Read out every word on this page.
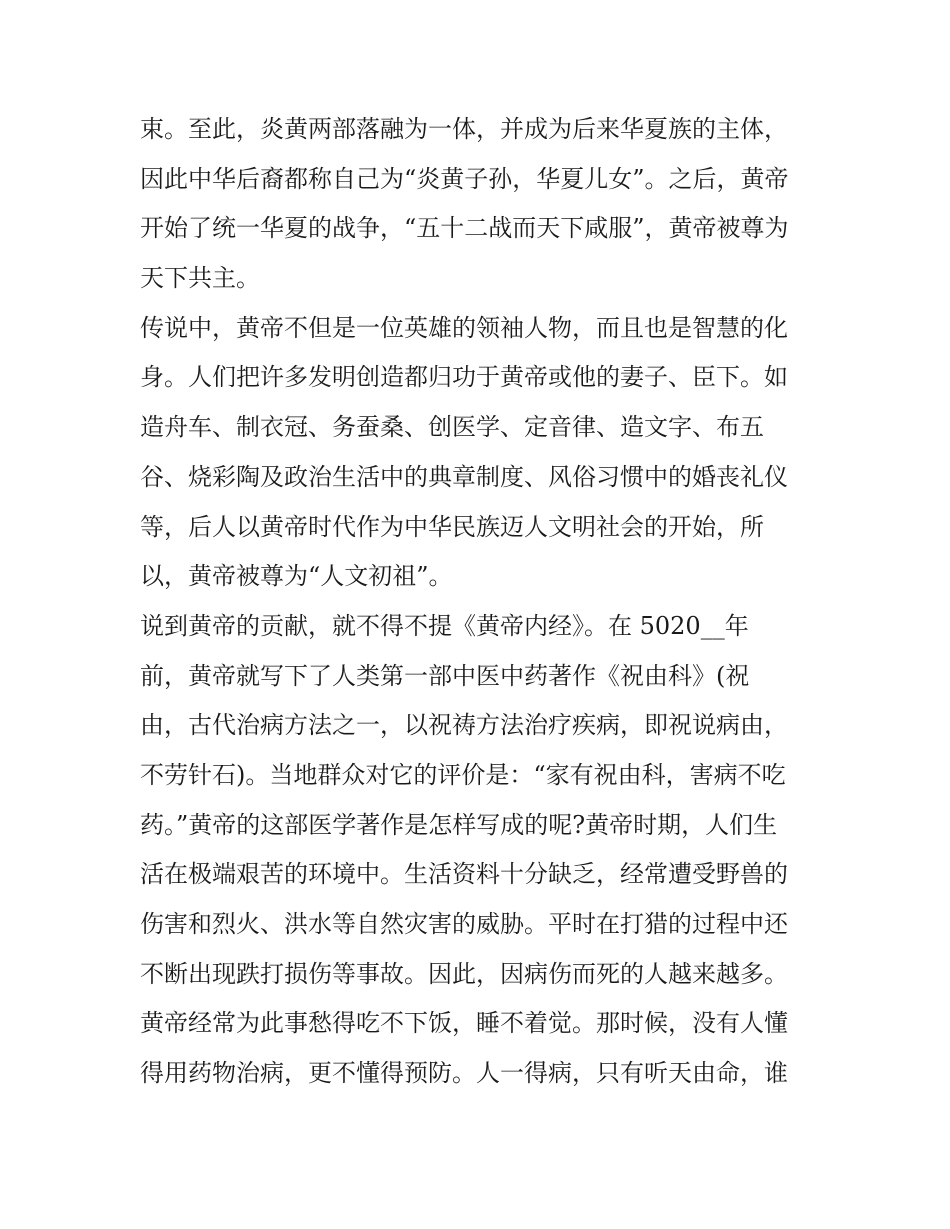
束。至此，炎黄两部落融为一体，并成为后来华夏族的主体，
因此中华后裔都称自己为“炎黄子孙，华夏儿女”。之后，黄帝
开始了统一华夏的战争，“五十二战而天下咸服”，黄帝被尊为
天下共主。
传说中，黄帝不但是一位英雄的领袖人物，而且也是智慧的化
身。人们把许多发明创造都归功于黄帝或他的妻子、臣下。如
造舟车、制衣冠、务蚕桑、创医学、定音律、造文字、布五
谷、烧彩陶及政治生活中的典章制度、风俗习惯中的婚丧礼仪
等，后人以黄帝时代作为中华民族迈人文明社会的开始，所
以，黄帝被尊为“人文初祖”。
说到黄帝的贡献，就不得不提《黄帝内经》。在 5020__年
前，黄帝就写下了人类第一部中医中药著作《祝由科》(祝
由，古代治病方法之一，以祝祷方法治疗疾病，即祝说病由，
不劳针石)。当地群众对它的评价是：“家有祝由科，害病不吃
药。”黄帝的这部医学著作是怎样写成的呢?黄帝时期，人们生
活在极端艰苦的环境中。生活资料十分缺乏，经常遭受野兽的
伤害和烈火、洪水等自然灾害的威胁。平时在打猎的过程中还
不断出现跌打损伤等事故。因此，因病伤而死的人越来越多。
黄帝经常为此事愁得吃不下饭，睡不着觉。那时候，没有人懂
得用药物治病，更不懂得预防。人一得病，只有听天由命，谁
